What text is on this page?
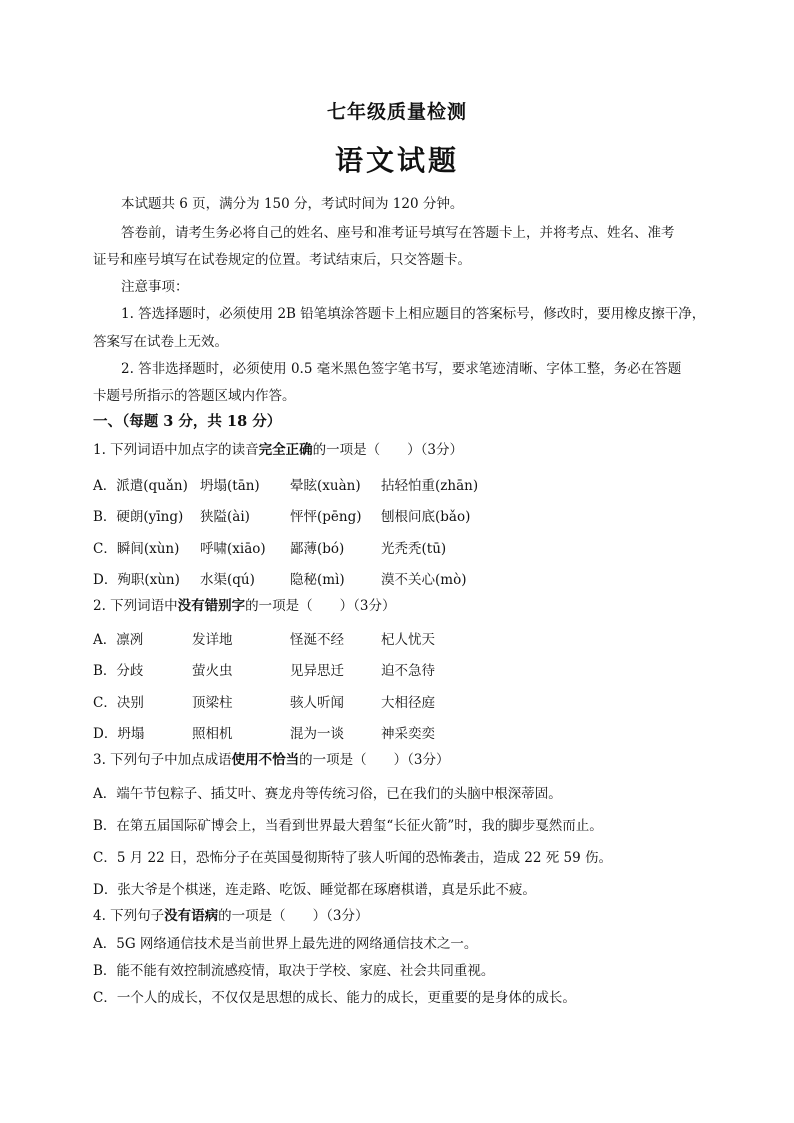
七年级质量检测
语文试题
本试题共 6 页，满分为 150 分，考试时间为 120 分钟。
答卷前，请考生务必将自己的姓名、座号和准考证号填写在答题卡上，并将考点、姓名、准考
证号和座号填写在试卷规定的位置。考试结束后，只交答题卡。
注意事项：
1. 答选择题时，必须使用 2B 铅笔填涂答题卡上相应题目的答案标号，修改时，要用橡皮擦干净，
答案写在试卷上无效。
2. 答非选择题时，必须使用 0.5 毫米黑色签字笔书写，要求笔迹清晰、字体工整，务必在答题
卡题号所指示的答题区域内作答。
一、（每题 3 分，共 18 分）
1. 下列词语中加点字的读音完全正确的一项是（　　）（3分）
A．派遣(quǎn) 坍塌(tān) 晕眩(xuàn) 拈轻怕重(zhān)
B．硬朗(yīng) 狭隘(ài)	怦怦(pēng) 刨根问底(bǎo)
C．瞬间(xùn) 呼啸(xiāo) 鄙薄(bó)	光秃秃(tū)
D．殉职(xùn) 水渠(qú)	隐秘(mì)	漠不关心(mò)
2. 下列词语中没有错别字的一项是（　　）（3分）
A．凛冽	发详地	怪涎不经	杞人忧天
B．分歧	萤火虫	见异思迁	迫不急待
C．决别	顶梁柱	骇人听闻	大相径庭
D．坍塌	照相机	混为一谈	神采奕奕
3. 下列句子中加点成语使用不恰当的一项是（　　）（3分）
A．端午节包粽子、插艾叶、赛龙舟等传统习俗，已在我们的头脑中根深蒂固。
B．在第五届国际矿博会上，当看到世界最大碧玺“长征火箭”时，我的脚步戛然而止。
C．5 月 22 日，恐怖分子在英国曼彻斯特了骇人听闻的恐怖袭击，造成 22 死 59 伤。
D．张大爷是个棋迷，连走路、吃饭、睡觉都在琢磨棋谱，真是乐此不疲。
4. 下列句子没有语病的一项是（　　）（3分）
A．5G 网络通信技术是当前世界上最先进的网络通信技术之一。
B．能不能有效控制流感疫情，取决于学校、家庭、社会共同重视。
C．一个人的成长，不仅仅是思想的成长、能力的成长，更重要的是身体的成长。
